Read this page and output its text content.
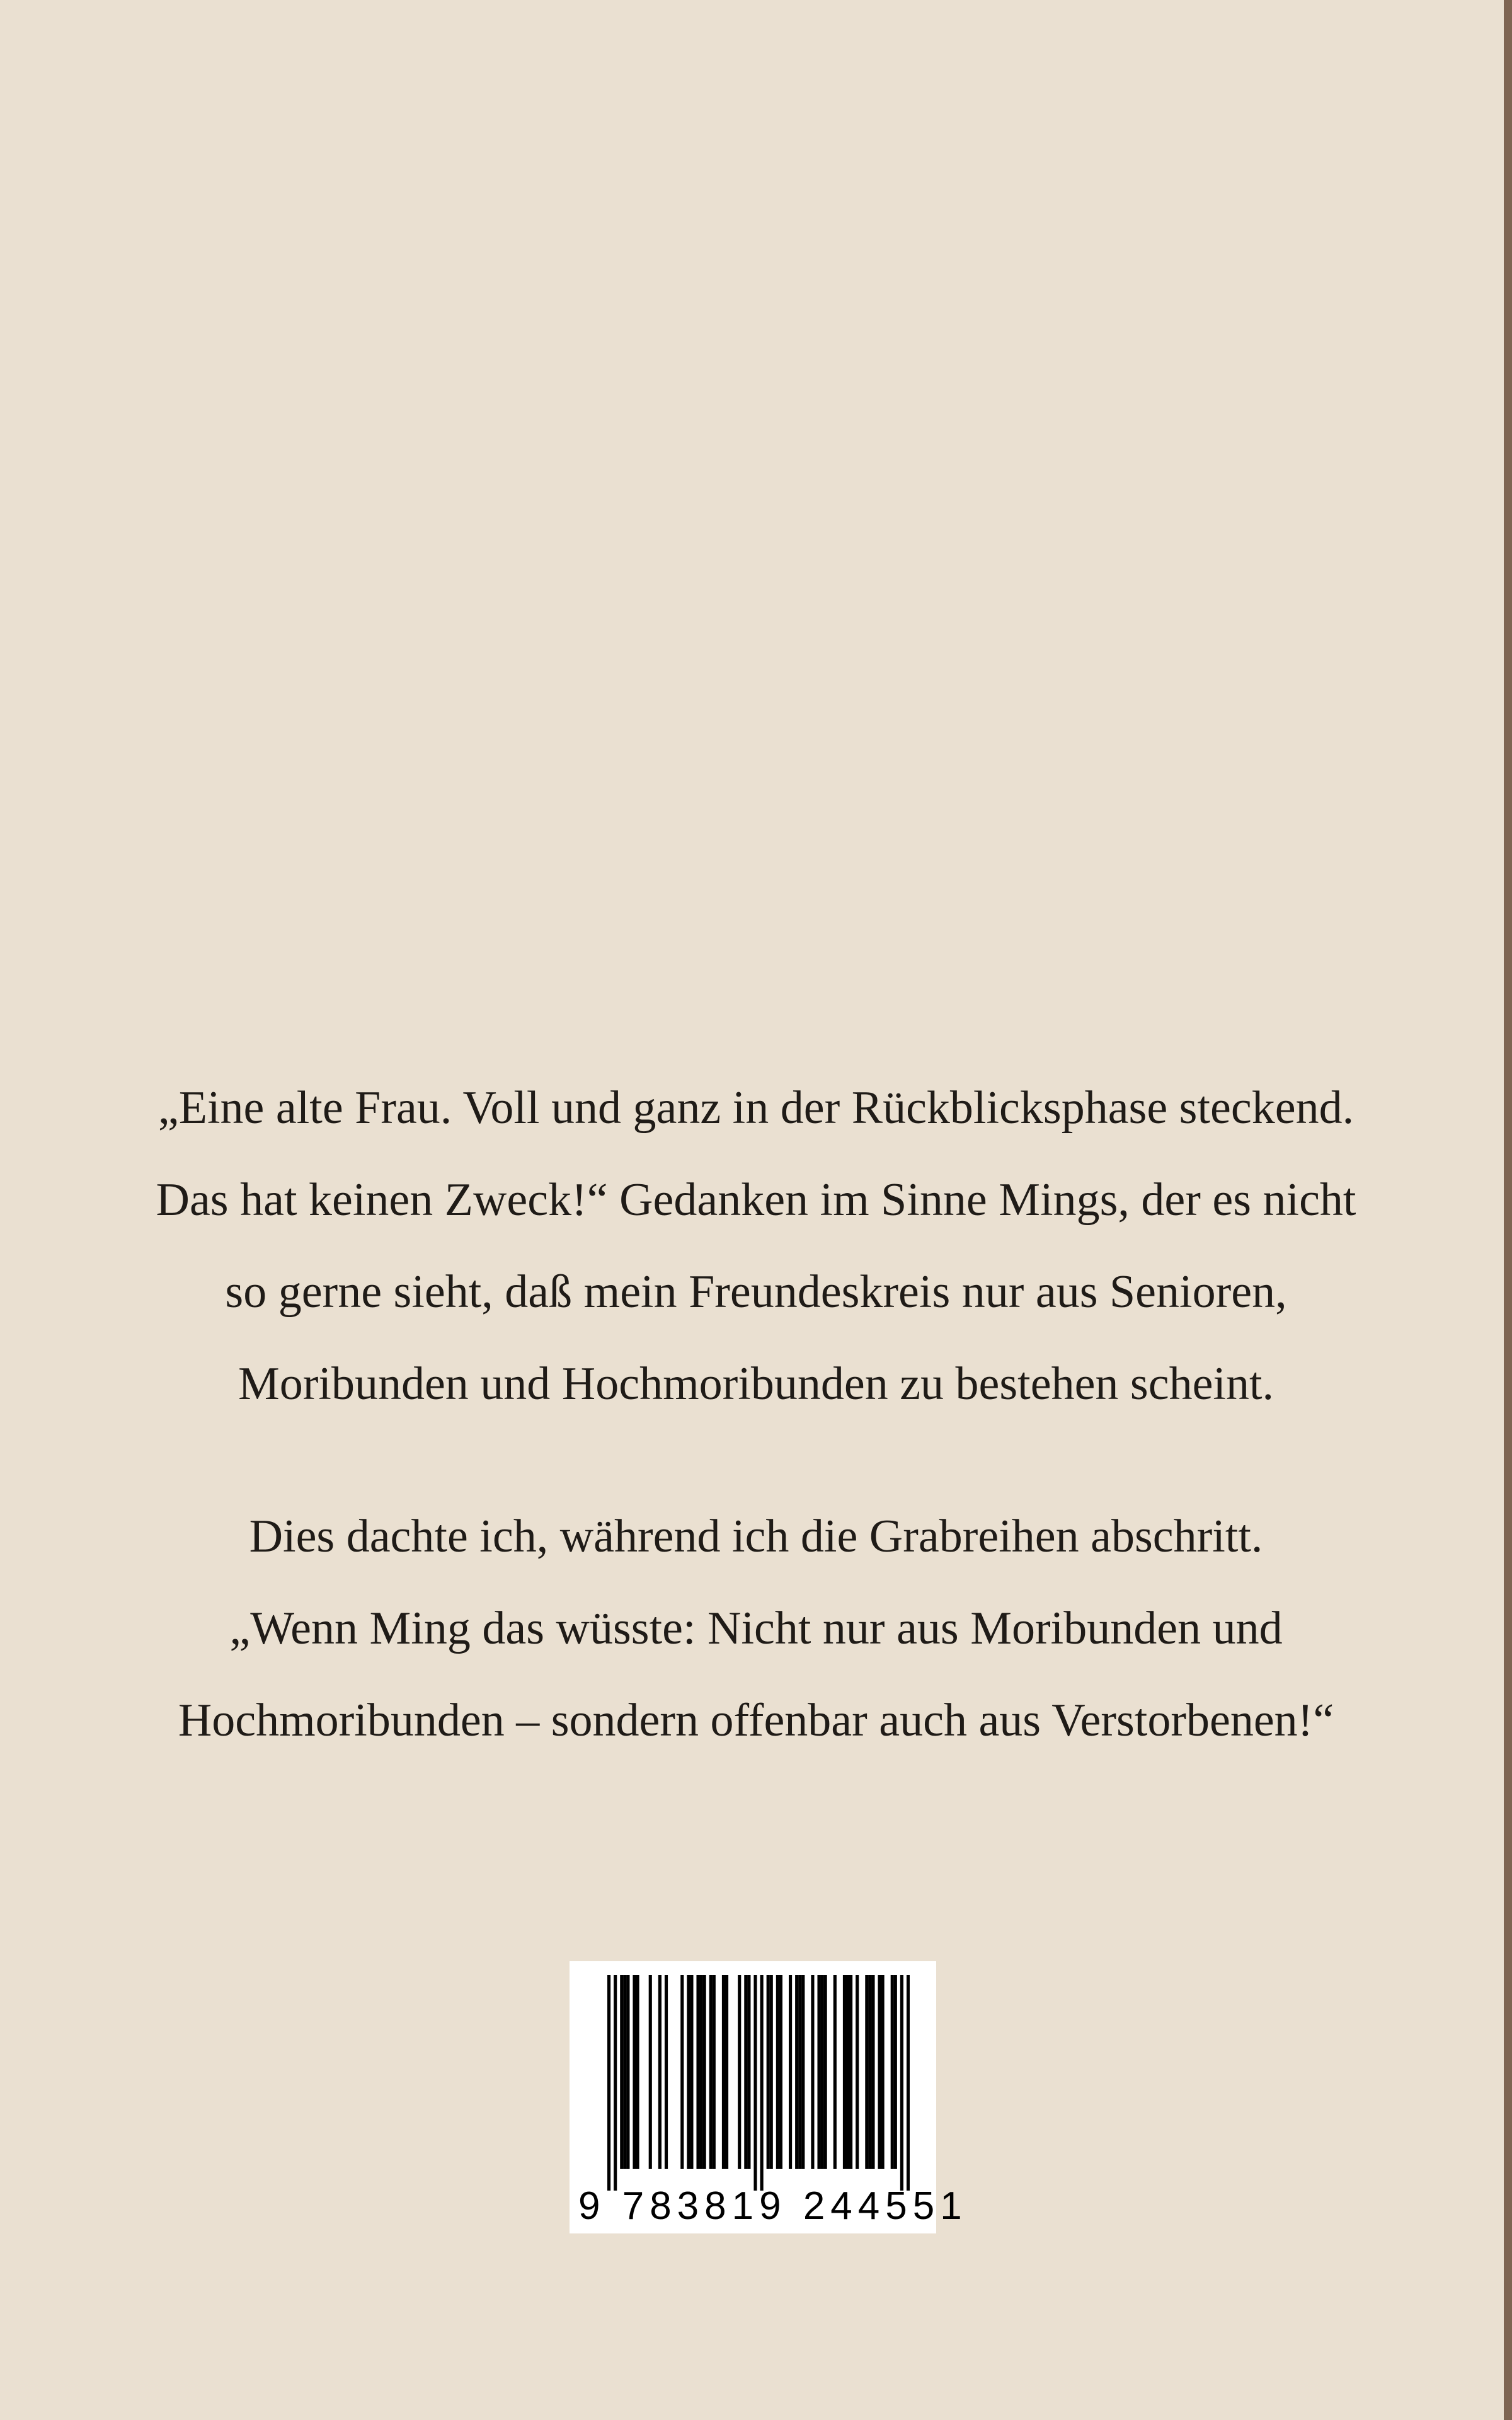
„Eine alte Frau. Voll und ganz in der Rückblicksphase steckend.
Das hat keinen Zweck!“ Gedanken im Sinne Mings, der es nicht
so gerne sieht, daß mein Freundeskreis nur aus Senioren,
Moribunden und Hochmoribunden zu bestehen scheint.

Dies dachte ich, während ich die Grabreihen abschritt.
„Wenn Ming das wüsste: Nicht nur aus Moribunden und
Hochmoribunden – sondern offenbar auch aus Verstorbenen!“

9 783819 244551
